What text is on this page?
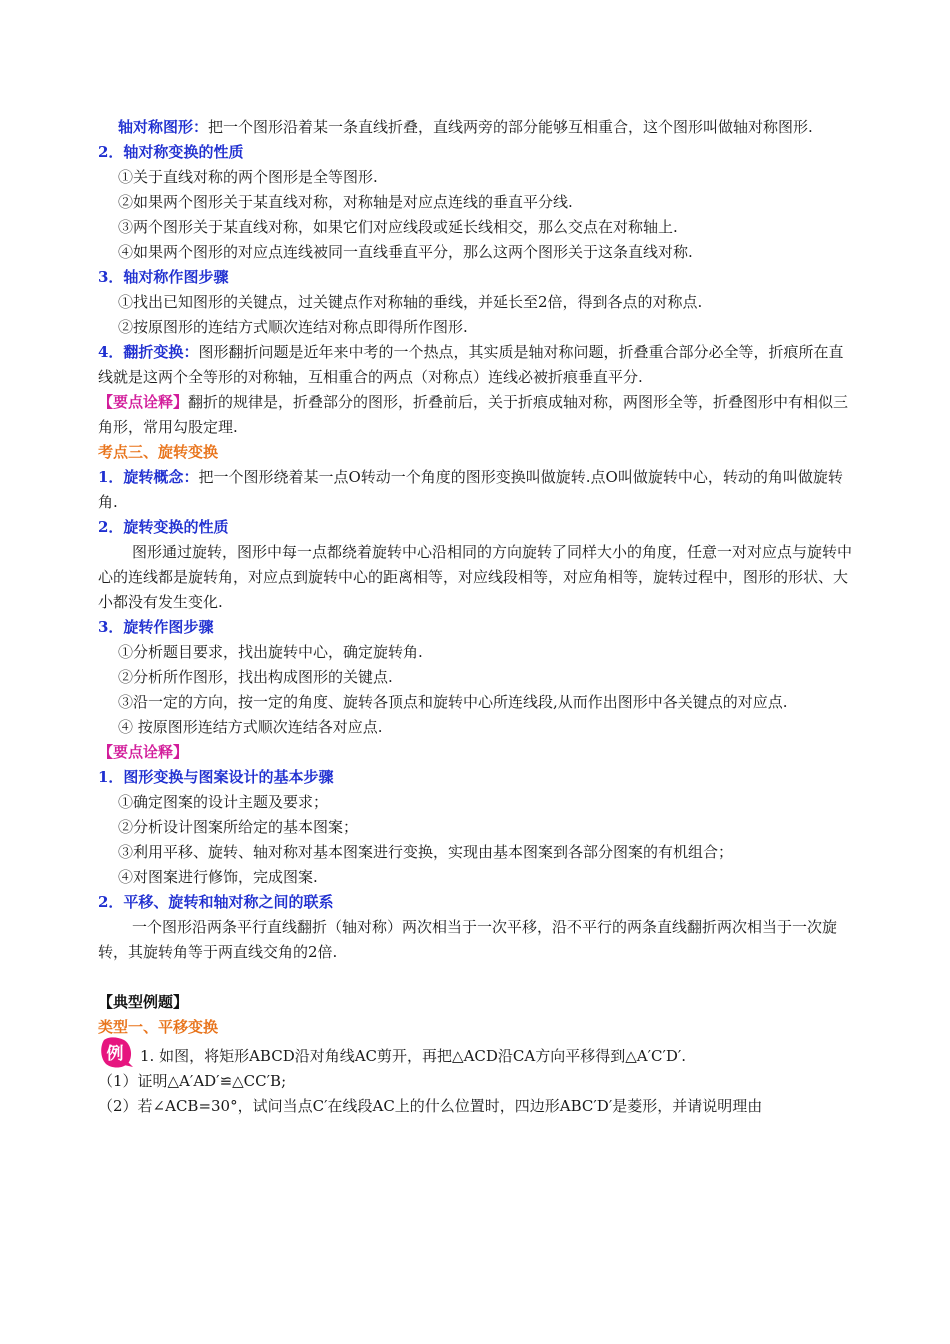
轴对称图形：把一个图形沿着某一条直线折叠，直线两旁的部分能够互相重合，这个图形叫做轴对称图形.

2．轴对称变换的性质

①关于直线对称的两个图形是全等图形.

②如果两个图形关于某直线对称，对称轴是对应点连线的垂直平分线.

③两个图形关于某直线对称，如果它们对应线段或延长线相交，那么交点在对称轴上.

④如果两个图形的对应点连线被同一直线垂直平分，那么这两个图形关于这条直线对称.

3．轴对称作图步骤

①找出已知图形的关键点，过关键点作对称轴的垂线，并延长至2倍，得到各点的对称点.

②按原图形的连结方式顺次连结对称点即得所作图形.

4．翻折变换：图形翻折问题是近年来中考的一个热点，其实质是轴对称问题，折叠重合部分必全等，折痕所在直线就是这两个全等形的对称轴，互相重合的两点（对称点）连线必被折痕垂直平分.

【要点诠释】翻折的规律是，折叠部分的图形，折叠前后，关于折痕成轴对称，两图形全等，折叠图形中有相似三角形，常用勾股定理.

考点三、旋转变换

1．旋转概念：把一个图形绕着某一点O转动一个角度的图形变换叫做旋转.点O叫做旋转中心，转动的角叫做旋转角.

2．旋转变换的性质

图形通过旋转，图形中每一点都绕着旋转中心沿相同的方向旋转了同样大小的角度，任意一对对应点与旋转中心的连线都是旋转角，对应点到旋转中心的距离相等，对应线段相等，对应角相等，旋转过程中，图形的形状、大小都没有发生变化.

3．旋转作图步骤

①分析题目要求，找出旋转中心，确定旋转角.

②分析所作图形，找出构成图形的关键点.

③沿一定的方向，按一定的角度、旋转各顶点和旋转中心所连线段,从而作出图形中各关键点的对应点.

④ 按原图形连结方式顺次连结各对应点.

【要点诠释】

1．图形变换与图案设计的基本步骤

①确定图案的设计主题及要求；

②分析设计图案所给定的基本图案；

③利用平移、旋转、轴对称对基本图案进行变换，实现由基本图案到各部分图案的有机组合；

④对图案进行修饰，完成图案.

2．平移、旋转和轴对称之间的联系

一个图形沿两条平行直线翻折（轴对称）两次相当于一次平移，沿不平行的两条直线翻折两次相当于一次旋转，其旋转角等于两直线交角的2倍.

【典型例题】

类型一、平移变换

例 1. 如图，将矩形ABCD沿对角线AC剪开，再把△ACD沿CA方向平移得到△A′C′D′.

（1）证明△A′AD′≌△CC′B;

（2）若∠ACB=30°，试问当点C′在线段AC上的什么位置时，四边形ABC′D′是菱形，并请说明理由
